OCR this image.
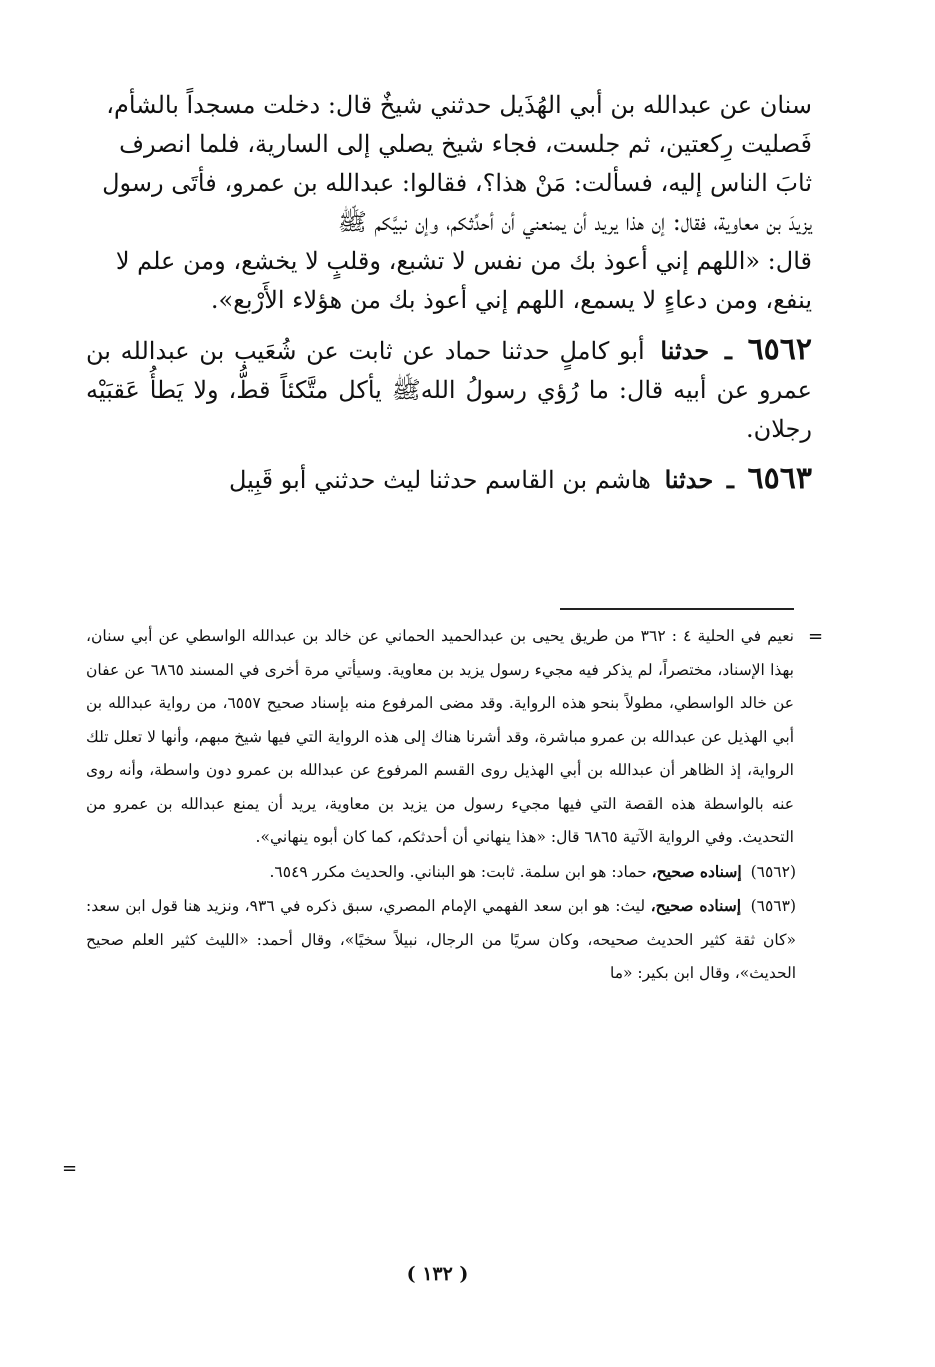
سنان عن عبدالله بن أبي الهُذَيل حدثني شيخٌ قال: دخلت مسجداً بالشأم،

فَصليت رِكعتين، ثم جلست، فجاء شيخ يصلي إلى السارية، فلما انصرف

ثابَ الناس إليه، فسألت: مَنْ هذا؟، فقالوا: عبدالله بن عمرو، فأتَى رسول

يزيدَ بن معاوية، فقال: إن هذا يريد أن يمنعني أن أحدِّثكم، وإن نبيَّكم ﷺ

قال: «اللهم إني أعوذ بك من نفس لا تشبع، وقلبٍ لا يخشع، ومن علم لا

ينفع، ومن دعاءٍ لا يسمع، اللهم إني أعوذ بك من هؤلاء الأَرْبع».

٦٥٦٢ ـ حدثنا أبو كاملٍ حدثنا حماد عن ثابت عن شُعَيب بن عبدالله بن عمرو عن أبيه قال: ما رُؤي رسولُ اللهﷺ يأكل متَّكئاً قطُّ، ولا يَطأُ عَقبَيْه رجلان.

٦٥٦٣ ـ حدثنا هاشم بن القاسم حدثنا ليث حدثني أبو قَبِيل

=

نعيم في الحلية ٤ : ٣٦٢ من طريق يحيى بن عبدالحميد الحماني عن خالد بن عبدالله الواسطي عن أبي سنان، بهذا الإسناد، مختصراً، لم يذكر فيه مجيء رسول يزيد بن معاوية. وسيأتي مرة أخرى في المسند ٦٨٦٥ عن عفان عن خالد الواسطي، مطولاً بنحو هذه الرواية. وقد مضى المرفوع منه بإسناد صحيح ٦٥٥٧، من رواية عبدالله بن أبي الهذيل عن عبدالله بن عمرو مباشرة، وقد أشرنا هناك إلى هذه الرواية التي فيها شيخ مبهم، وأنها لا تعلل تلك الرواية، إذ الظاهر أن عبدالله بن أبي الهذيل روى القسم المرفوع عن عبدالله بن عمرو دون واسطة، وأنه روى عنه بالواسطة هذه القصة التي فيها مجيء رسول من يزيد بن معاوية، يريد أن يمنع عبدالله بن عمرو من التحديث. وفي الرواية الآتية ٦٨٦٥ قال: «هذا ينهاني أن أحدثكم، كما كان أبوه ينهاني».

(٦٥٦٢) إسناده صحيح، حماد: هو ابن سلمة. ثابت: هو البناني. والحديث مكرر ٦٥٤٩.

(٦٥٦٣) إسناده صحيح، ليث: هو ابن سعد الفهمي الإمام المصري، سبق ذكره في ٩٣٦، ونزيد هنا قول ابن سعد: «كان ثقة كثير الحديث صحيحه، وكان سريًا من الرجال، نبيلاً سخيًا»، وقال أحمد: «الليث كثير العلم صحيح الحديث»، وقال ابن بكير: «ما

=
( ١٣٢ )
